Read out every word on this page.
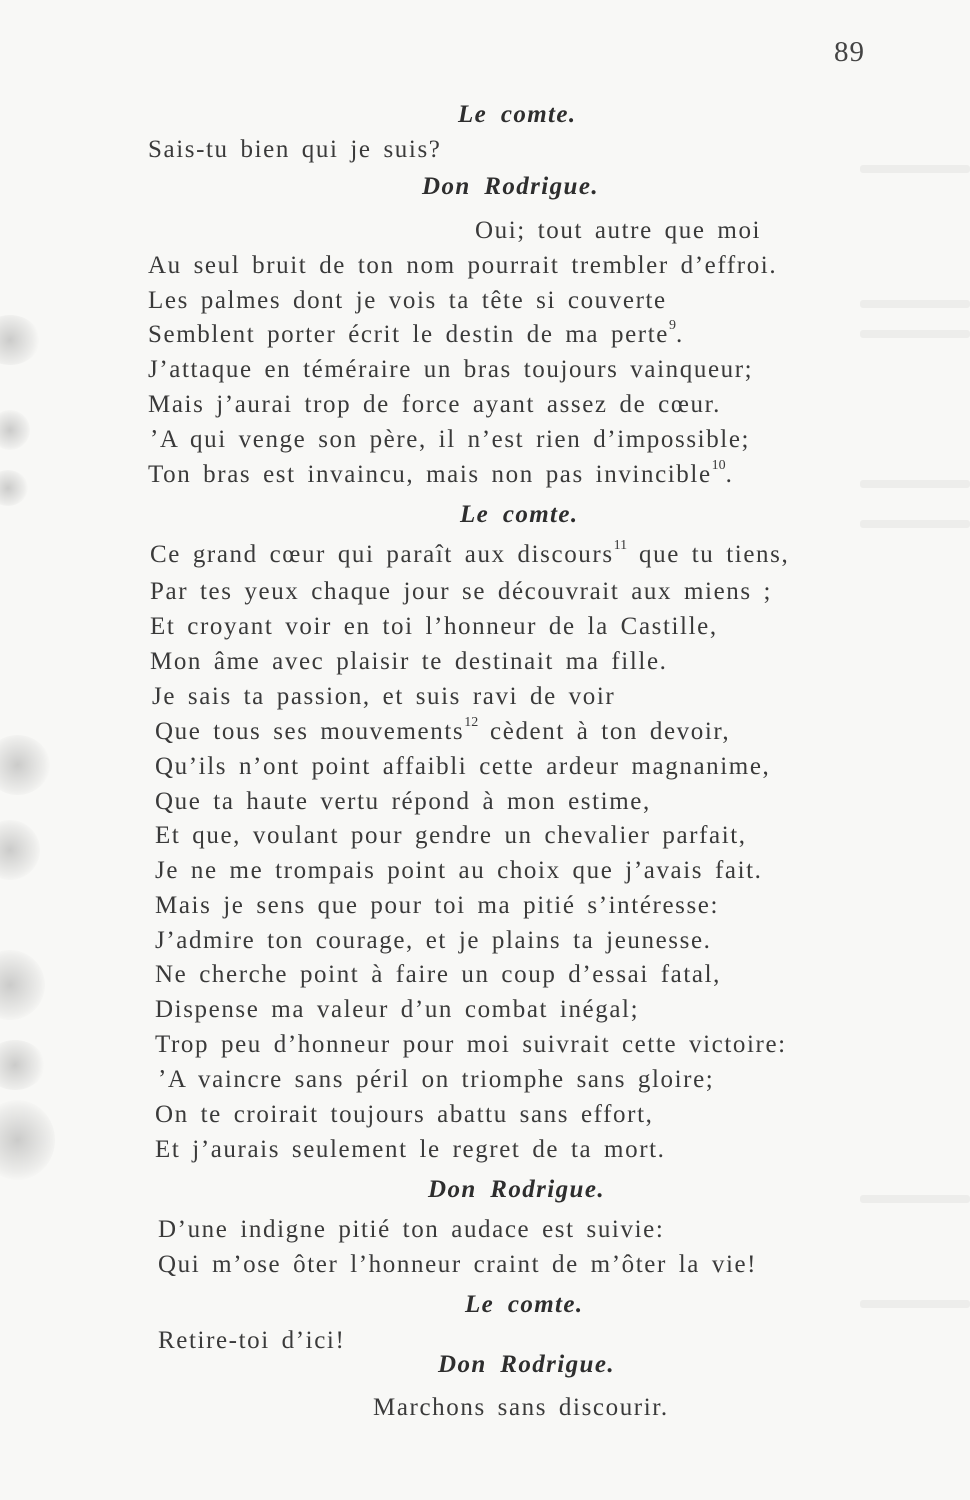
89
Le comte.
Sais-tu bien qui je suis?
Don Rodrigue.
Oui; tout autre que moi
Au seul bruit de ton nom pourrait trembler d’effroi.
Les palmes dont je vois ta tête si couverte
Semblent porter écrit le destin de ma perte$^9$.
J’attaque en téméraire un bras toujours vainqueur;
Mais j’aurai trop de force ayant assez de cœur.
ʼA qui venge son père, il n’est rien d’impossible;
Ton bras est invaincu, mais non pas invincible$^{10}$.
Le comte.
Ce grand cœur qui paraît aux discours$^{11}$ que tu tiens,
Par tes yeux chaque jour se découvrait aux miens ;
Et croyant voir en toi l’honneur de la Castille,
Mon âme avec plaisir te destinait ma fille.
Je sais ta passion, et suis ravi de voir
Que tous ses mouvements$^{12}$ cèdent à ton devoir,
Qu’ils n’ont point affaibli cette ardeur magnanime,
Que ta haute vertu répond à mon estime,
Et que, voulant pour gendre un chevalier parfait,
Je ne me trompais point au choix que j’avais fait.
Mais je sens que pour toi ma pitié s’intéresse:
J’admire ton courage, et je plains ta jeunesse.
Ne cherche point à faire un coup d’essai fatal,
Dispense ma valeur d’un combat inégal;
Trop peu d’honneur pour moi suivrait cette victoire:
ʼA vaincre sans péril on triomphe sans gloire;
On te croirait toujours abattu sans effort,
Et j’aurais seulement le regret de ta mort.
Don Rodrigue.
D’une indigne pitié ton audace est suivie:
Qui m’ose ôter l’honneur craint de m’ôter la vie!
Le comte.
Retire-toi d’ici!
Don Rodrigue.
Marchons sans discourir.
